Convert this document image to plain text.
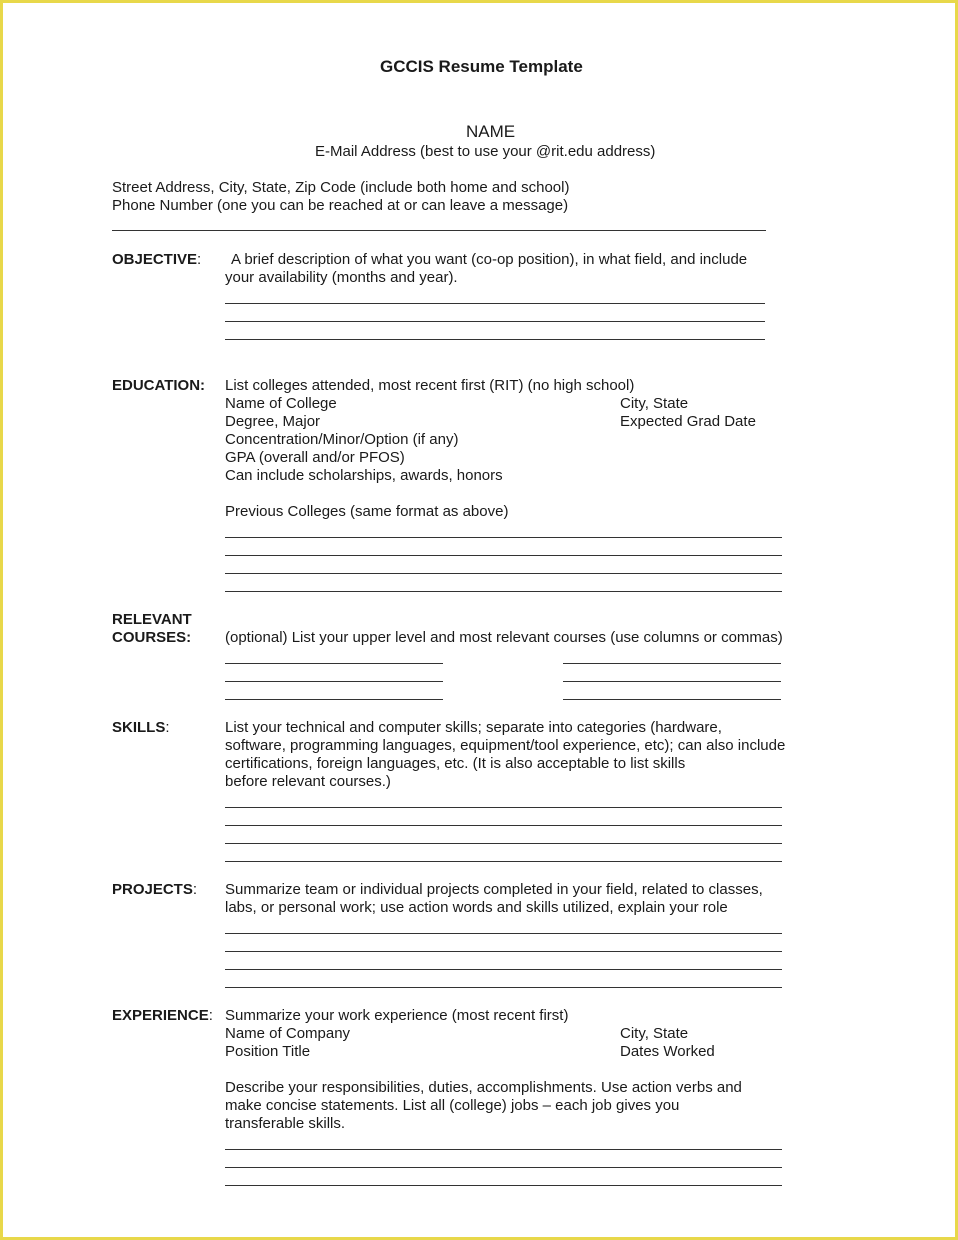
GCCIS Resume Template
NAME
E-Mail Address (best to use your @rit.edu address)
Street Address, City, State, Zip Code (include both home and school)
Phone Number (one you can be reached at or can leave a message)
OBJECTIVE: A brief description of what you want (co-op position), in what field, and include
your availability (months and year).
EDUCATION: List colleges attended, most recent first (RIT) (no high school)
Name of College	City, State
Degree, Major	Expected Grad Date
Concentration/Minor/Option (if any)
GPA (overall and/or PFOS)
Can include scholarships, awards, honors
Previous Colleges (same format as above)
RELEVANT
COURSES: (optional) List your upper level and most relevant courses (use columns or commas)
SKILLS:	List your technical and computer skills; separate into categories (hardware,
software, programming languages, equipment/tool experience, etc); can also include
certifications, foreign languages, etc. (It is also acceptable to list skills
before relevant courses.)
PROJECTS: Summarize team or individual projects completed in your field, related to classes,
labs, or personal work; use action words and skills utilized, explain your role
EXPERIENCE: Summarize your work experience (most recent first)
Name of Company	City, State
Position Title	Dates Worked
Describe your responsibilities, duties, accomplishments. Use action verbs and
make concise statements. List all (college) jobs – each job gives you
transferable skills.
